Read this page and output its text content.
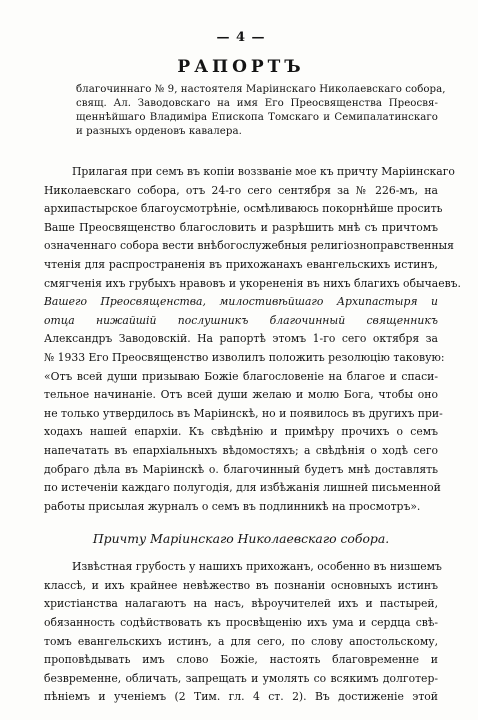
— 4 —
РАПОРТЪ
благочиннаго № 9, настоятеля Маріинскаго Николаевскаго собора,
свящ. Ал. Заводовскаго на имя Его Преосвященства Преосвя-
щеннѣйшаго Владиміра Епископа Томскаго и Семипалатинскаго
и разныхъ орденовъ кавалера.
Прилагая при семъ въ копіи воззваніе мое къ причту Маріинскаго
Николаевскаго собора, отъ 24-го сего сентября за № 226-мъ, на
архипастырское благоусмотрѣніе, осмѣливаюсь покорнѣйше просить
Ваше Преосвященство благословить и разрѣшить мнѣ съ причтомъ
означеннаго собора вести внѣбогослужебныя религіозноправственныя
чтенія для распространенія въ прихожанахъ евангельскихъ истинъ,
смягченія ихъ грубыхъ нравовъ и укорененія въ нихъ благихъ обычаевъ.
Вашего Преосвященства, милостивѣйшаго Архипастыря и
отца нижайшій послушникъ благочинный священникъ
Александръ Заводовскій. На рапортѣ этомъ 1-го сего октября за
№ 1933 Его Преосвященство изволилъ положить резолюцію таковую:
«Отъ всей души призываю Божіе благословеніе на благое и спаси-
тельное начинаніе. Отъ всей души желаю и молю Бога, чтобы оно
не только утвердилось въ Маріинскѣ, но и появилось въ другихъ при-
ходахъ нашей епархіи. Къ свѣдѣнію и примѣру прочихъ о семъ
напечатать въ епархіальныхъ вѣдомостяхъ; а свѣдѣнія о ходѣ сего
добраго дѣла въ Маріинскѣ о. благочинный будетъ мнѣ доставлять
по истеченіи каждаго полугодія, для избѣжанія лишней письменной
работы присылая журналъ о семъ въ подлинникѣ на просмотръ».
Причту Маріинскаго Николаевскаго собора.
Извѣстная грубость у нашихъ прихожанъ, особенно въ низшемъ
классѣ, и ихъ крайнее невѣжество въ познаніи основныхъ истинъ
христіанства налагаютъ на насъ, вѣроучителей ихъ и пастырей,
обязанность содѣйствовать къ просвѣщенію ихъ ума и сердца свѣ-
томъ евангельскихъ истинъ, а для сего, по слову апостольскому,
проповѣдывать имъ слово Божіе, настоять благовременне и
безвременне, обличать, запрещать и умолять со всякимъ долготер-
пѣніемъ и ученіемъ (2 Тим. гл. 4 ст. 2). Въ достиженіе этой
